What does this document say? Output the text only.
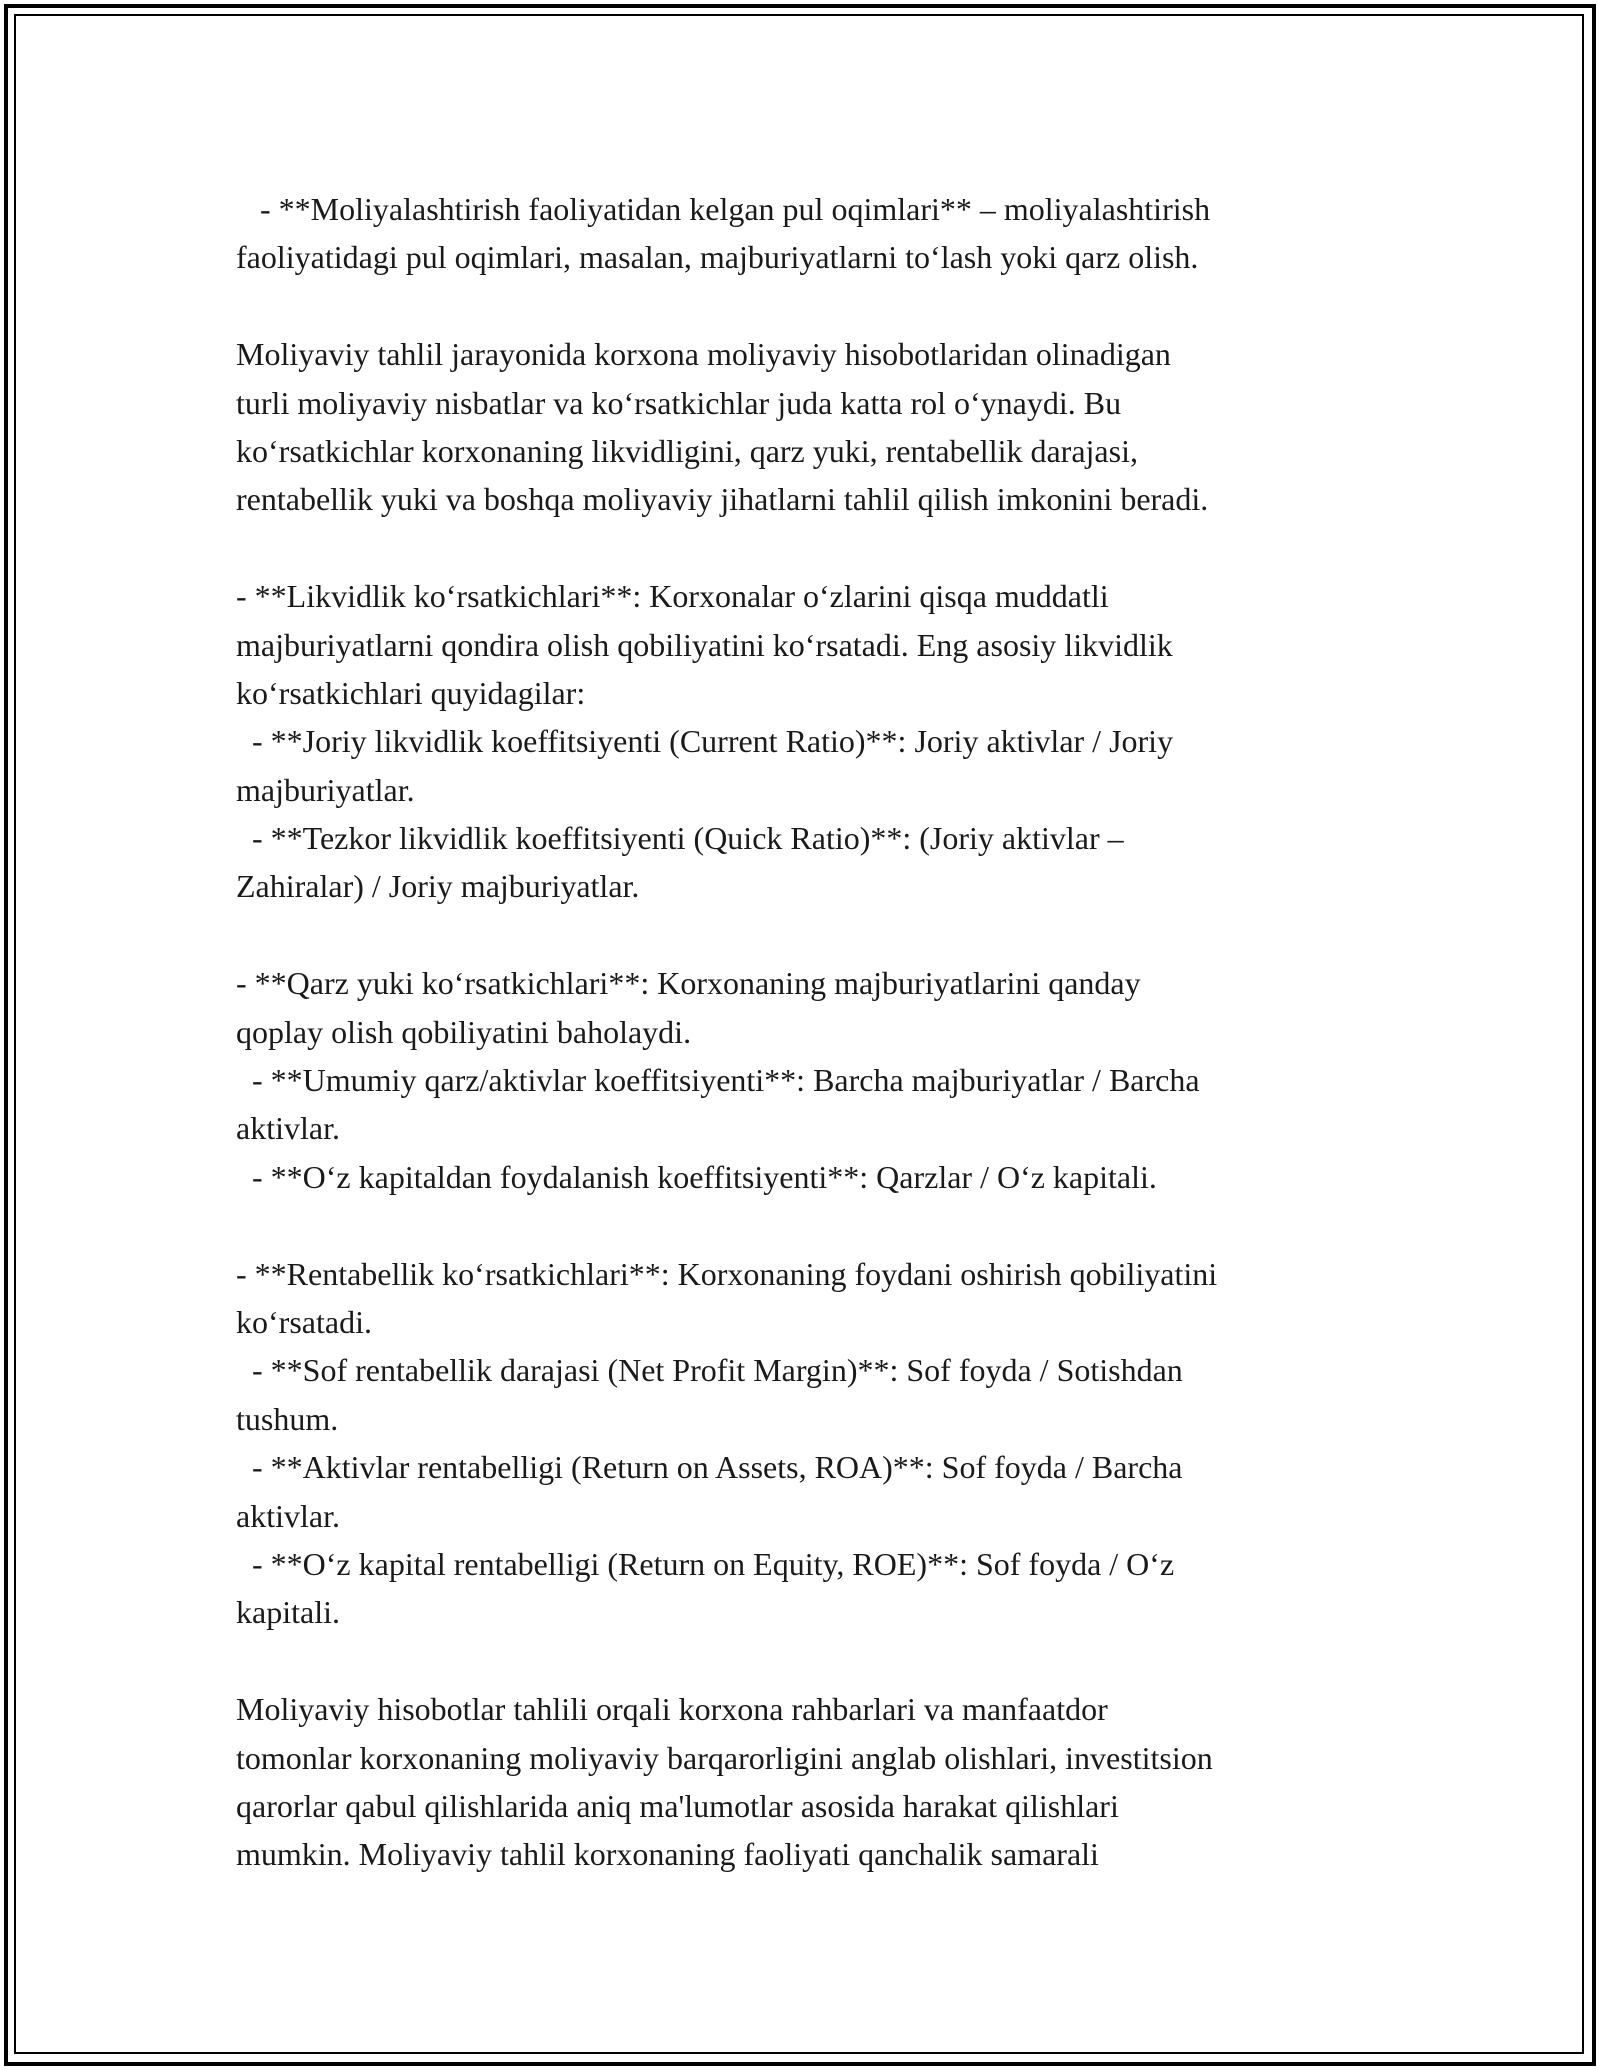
- **Moliyalashtirish faoliyatidan kelgan pul oqimlari** – moliyalashtirish
faoliyatidagi pul oqimlari, masalan, majburiyatlarni to‘lash yoki qarz olish.
Moliyaviy tahlil jarayonida korxona moliyaviy hisobotlaridan olinadigan
turli moliyaviy nisbatlar va ko‘rsatkichlar juda katta rol o‘ynaydi. Bu
ko‘rsatkichlar korxonaning likvidligini, qarz yuki, rentabellik darajasi,
rentabellik yuki va boshqa moliyaviy jihatlarni tahlil qilish imkonini beradi.
- **Likvidlik ko‘rsatkichlari**: Korxonalar o‘zlarini qisqa muddatli
majburiyatlarni qondira olish qobiliyatini ko‘rsatadi. Eng asosiy likvidlik
ko‘rsatkichlari quyidagilar:
- **Joriy likvidlik koeffitsiyenti (Current Ratio)**: Joriy aktivlar / Joriy
majburiyatlar.
- **Tezkor likvidlik koeffitsiyenti (Quick Ratio)**: (Joriy aktivlar –
Zahiralar) / Joriy majburiyatlar.
- **Qarz yuki ko‘rsatkichlari**: Korxonaning majburiyatlarini qanday
qoplay olish qobiliyatini baholaydi.
- **Umumiy qarz/aktivlar koeffitsiyenti**: Barcha majburiyatlar / Barcha
aktivlar.
- **O‘z kapitaldan foydalanish koeffitsiyenti**: Qarzlar / O‘z kapitali.
- **Rentabellik ko‘rsatkichlari**: Korxonaning foydani oshirish qobiliyatini
ko‘rsatadi.
- **Sof rentabellik darajasi (Net Profit Margin)**: Sof foyda / Sotishdan
tushum.
- **Aktivlar rentabelligi (Return on Assets, ROA)**: Sof foyda / Barcha
aktivlar.
- **O‘z kapital rentabelligi (Return on Equity, ROE)**: Sof foyda / O‘z
kapitali.
Moliyaviy hisobotlar tahlili orqali korxona rahbarlari va manfaatdor
tomonlar korxonaning moliyaviy barqarorligini anglab olishlari, investitsion
qarorlar qabul qilishlarida aniq ma'lumotlar asosida harakat qilishlari
mumkin. Moliyaviy tahlil korxonaning faoliyati qanchalik samarali
